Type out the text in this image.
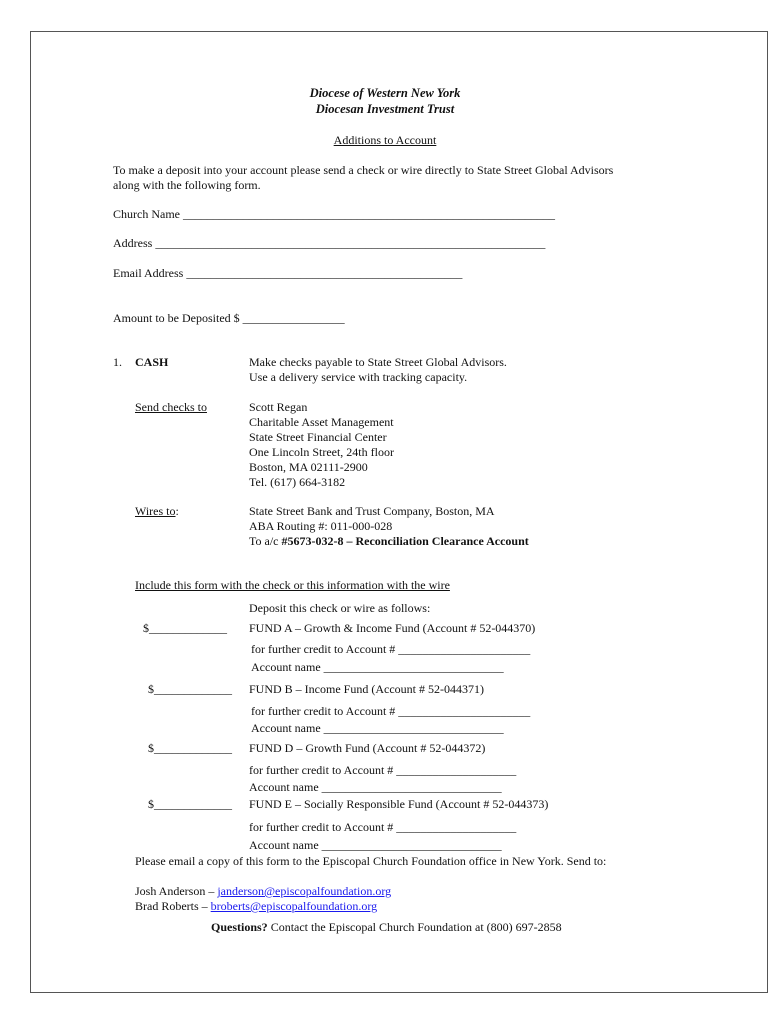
Diocese of Western New York
Diocesan Investment Trust
Additions to Account
To make a deposit into your account please send a check or wire directly to State Street Global Advisors
along with the following form.
Church Name ______________________________________________________________
Address _________________________________________________________________
Email Address ______________________________________________
Amount to be Deposited $ _________________
1. CASH	Make checks payable to State Street Global Advisors.
Use a delivery service with tracking capacity.
Send checks to	Scott Regan
Charitable Asset Management
State Street Financial Center
One Lincoln Street, 24th floor
Boston, MA 02111-2900
Tel. (617) 664-3182
Wires to:	State Street Bank and Trust Company, Boston, MA
ABA Routing #: 011-000-028
To a/c #5673-032-8 – Reconciliation Clearance Account
Include this form with the check or this information with the wire
Deposit this check or wire as follows:
$_____________ FUND A – Growth & Income Fund (Account # 52-044370)
for further credit to Account # ______________________
Account name ______________________________
$_____________ FUND B – Income Fund (Account # 52-044371)
for further credit to Account # ______________________
Account name ______________________________
$_____________ FUND D – Growth Fund (Account # 52-044372)
for further credit to Account # ____________________
Account name ______________________________
$_____________ FUND E – Socially Responsible Fund (Account # 52-044373)
for further credit to Account # ____________________
Account name ______________________________
Please email a copy of this form to the Episcopal Church Foundation office in New York. Send to:
Josh Anderson – janderson@episcopalfoundation.org
Brad Roberts – broberts@episcopalfoundation.org
Questions? Contact the Episcopal Church Foundation at (800) 697-2858
